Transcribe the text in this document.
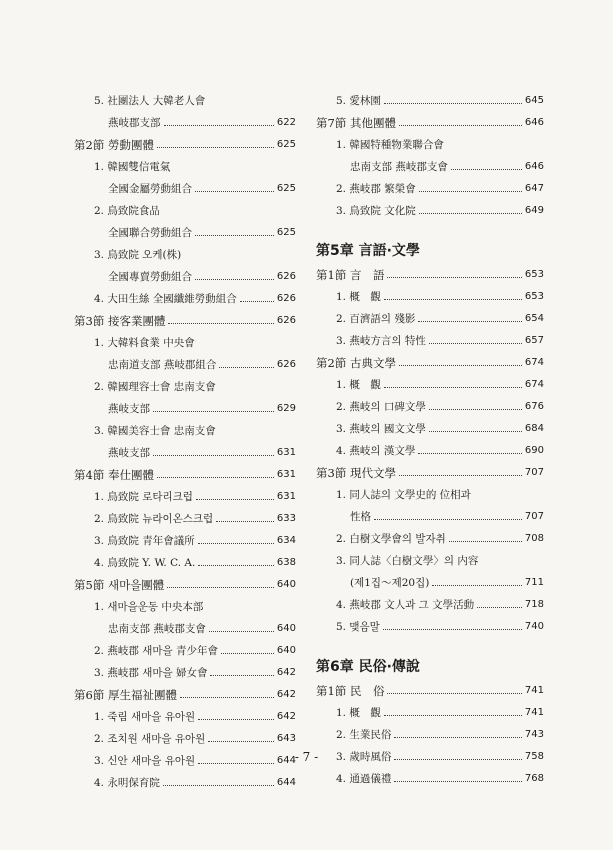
5. 社團法人 大韓老人會
燕岐郡支部	622
第2節 勞動團體	625
1. 韓國雙信電氣
全國金屬勞動組合	625
2. 鳥致院食品
全國聯合勞動組合	625
3. 鳥致院 오케(株)
全國專賣勞動組合	626
4. 大田生絲 全國纖維勞動組合	626
第3節 接客業團體	626
1. 大韓料食業 中央會
忠南道支部 燕岐郡組合	626
2. 韓國理容士會 忠南支會
燕岐支部	629
3. 韓國美容士會 忠南支會
燕岐支部	631
第4節 奉仕團體	631
1. 鳥致院 로타리크럽	631
2. 鳥致院 뉴라이온스크럽	633
3. 鳥致院 青年會議所	634
4. 鳥致院 Y. W. C. A.	638
第5節 새마을團體	640
1. 새마을운동 中央本部
忠南支部 燕岐郡支會	640
2. 燕岐郡 새마을 青少年會	640
3. 燕岐郡 새마을 婦女會	642
第6節 厚生福祉團體	642
1. 죽림 새마을 유아원	642
2. 조치원 새마을 유아원	643
3. 신안 새마을 유아원	644
4. 永明保育院	644
5. 愛林園	645
第7節 其他團體	646
1. 韓國特種物業聯合會
忠南支部 燕岐郡支會	646
2. 燕岐郡 繁榮會	647
3. 鳥致院 文化院	649
第5章 言語·文學
第1節 言　語	653
1. 概　觀	653
2. 百濟語의 殘影	654
3. 燕岐方言의 特性	657
第2節 古典文學	674
1. 概　觀	674
2. 燕岐의 口碑文學	676
3. 燕岐의 國文文學	684
4. 燕岐의 漢文學	690
第3節 現代文學	707
1. 同人誌의 文學史的 位相과
性格	707
2. 白樹文學會의 발자취	708
3. 同人誌〈白樹文學〉의 内容
(제1집～제20집)	711
4. 燕岐郡 文人과 그 文學活動	718
5. 맺음말	740
第6章 民俗·傳說
第1節 民　俗	741
1. 概　觀	741
2. 生業民俗	743
3. 歲時風俗	758
4. 通過儀禮	768
- 7 -
